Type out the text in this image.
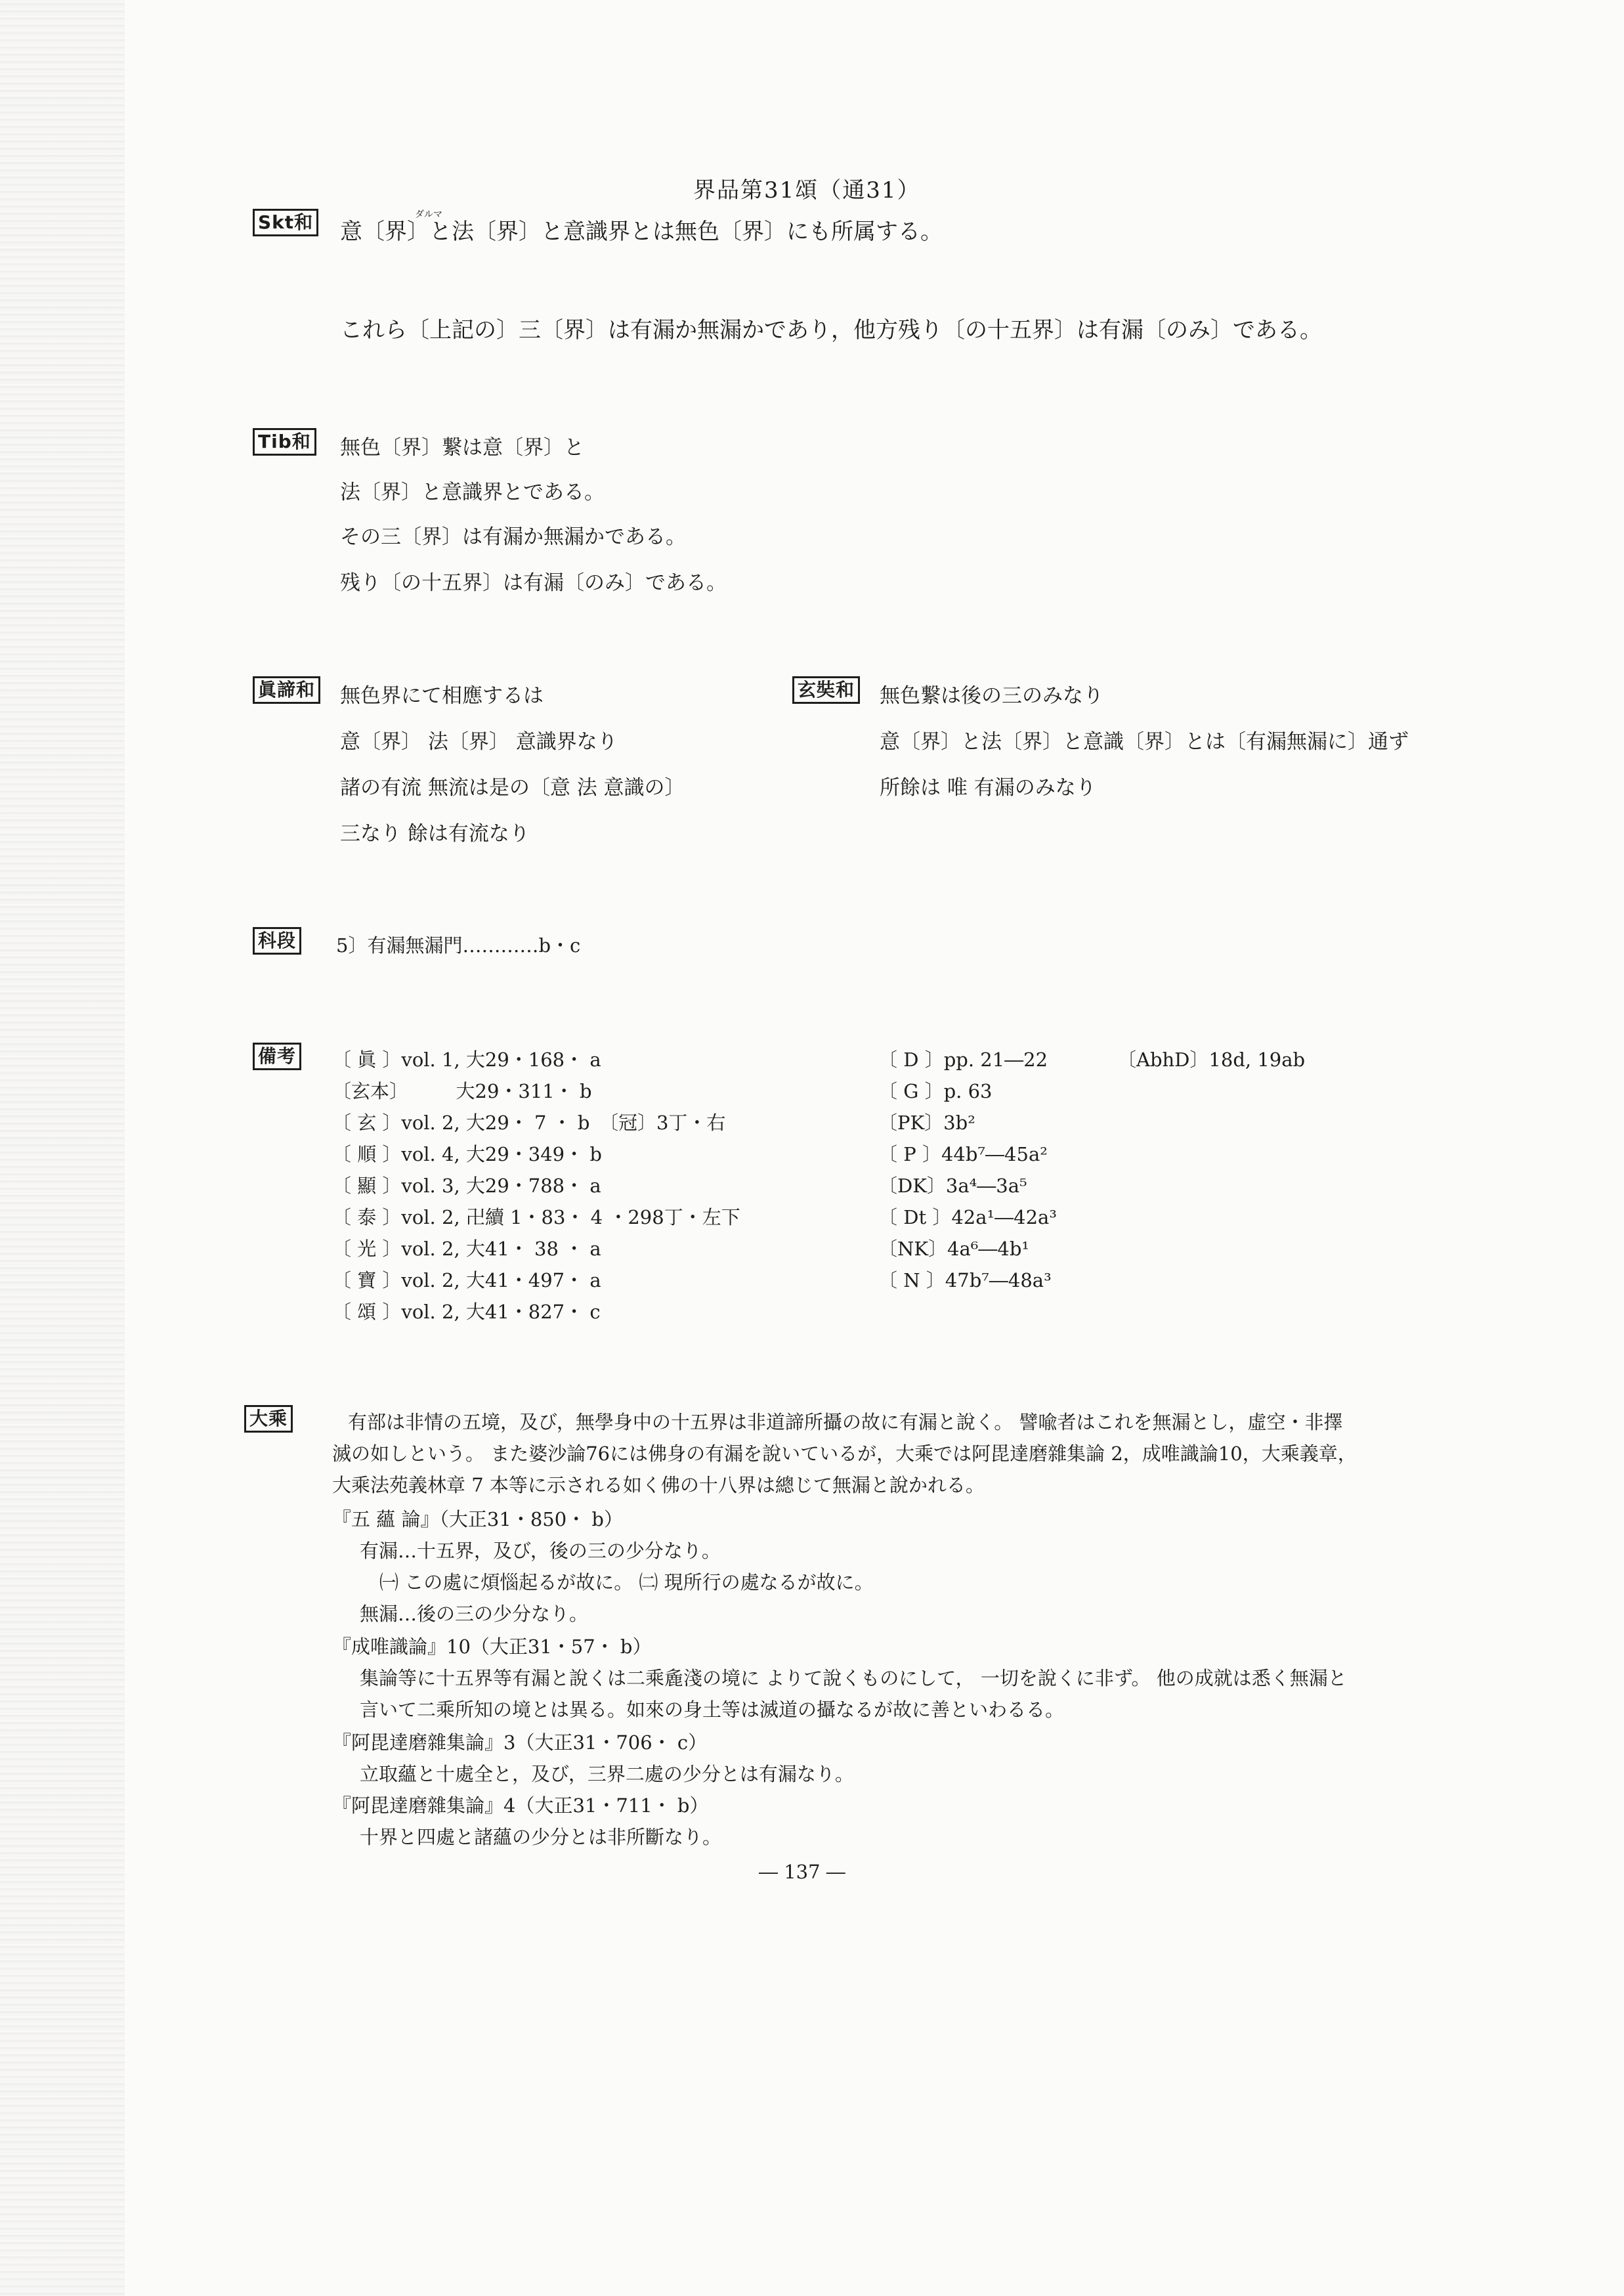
界品第31頌（通31）
Skt和	ダルマ
意〔界〕と法〔界〕と意識界とは無色〔界〕にも所属する。
これら〔上記の〕三〔界〕は有漏か無漏かであり，他方残り〔の十五界〕は有漏〔のみ〕である。
Tib和 無色〔界〕繋は意〔界〕と
法〔界〕と意識界とである。
その三〔界〕は有漏か無漏かである。
残り〔の十五界〕は有漏〔のみ〕である。
眞諦和 無色界にて相應するは
意〔界〕 法〔界〕 意識界なり
諸の有流 無流は是の〔意 法 意識の〕
三なり 餘は有流なり
玄奘和 無色繋は後の三のみなり
意〔界〕と法〔界〕と意識〔界〕とは〔有漏無漏に〕通ず
所餘は 唯 有漏のみなり
科段 5〕有漏無漏門…………b・c
備考 〔 眞 〕vol. 1, 大29・168・ a
〔玄本〕　　　大29・311・ b
〔 玄 〕vol. 2, 大29・ 7 ・ b　〔冠〕3丁・右
〔 順 〕vol. 4, 大29・349・ b
〔 顯 〕vol. 3, 大29・788・ a
〔 泰 〕vol. 2, 卍續 1・83・ 4 ・298丁・左下
〔 光 〕vol. 2, 大41・ 38 ・ a
〔 寶 〕vol. 2, 大41・497・ a
〔 頌 〕vol. 2, 大41・827・ c
〔 D 〕pp. 21―22
〔 G 〕p. 63
〔PK〕3b²
〔 P 〕44b⁷―45a²
〔DK〕3a⁴―3a⁵
〔 Dt 〕42a¹―42a³
〔NK〕4a⁶―4b¹
〔 N 〕47b⁷―48a³
〔AbhD〕18d, 19ab
大乘	有部は非情の五境，及び，無學身中の十五界は非道諦所攝の故に有漏と說く。 譬喩者はこれを無漏とし，虛空・非擇
滅の如しという。 また婆沙論76には佛身の有漏を說いているが，大乘では阿毘達磨雜集論 2，成唯識論10，大乘義章，
大乘法苑義林章 7 本等に示される如く佛の十八界は總じて無漏と說かれる。
『五 蘊 論』（大正31・850・ b）
有漏…十五界，及び，後の三の少分なり。
㈠ この處に煩惱起るが故に。 ㈡ 現所行の處なるが故に。
無漏…後の三の少分なり。
『成唯識論』10（大正31・57・ b）
集論等に十五界等有漏と說くは二乘麁淺の境に よりて說くものにして， 一切を說くに非ず。 他の成就は悉く無漏と
言いて二乘所知の境とは異る。如來の身土等は滅道の攝なるが故に善といわるる。
『阿毘達磨雜集論』3（大正31・706・ c）
立取蘊と十處全と，及び，三界二處の少分とは有漏なり。
『阿毘達磨雜集論』4（大正31・711・ b）
十界と四處と諸蘊の少分とは非所斷なり。
― 137 ―
